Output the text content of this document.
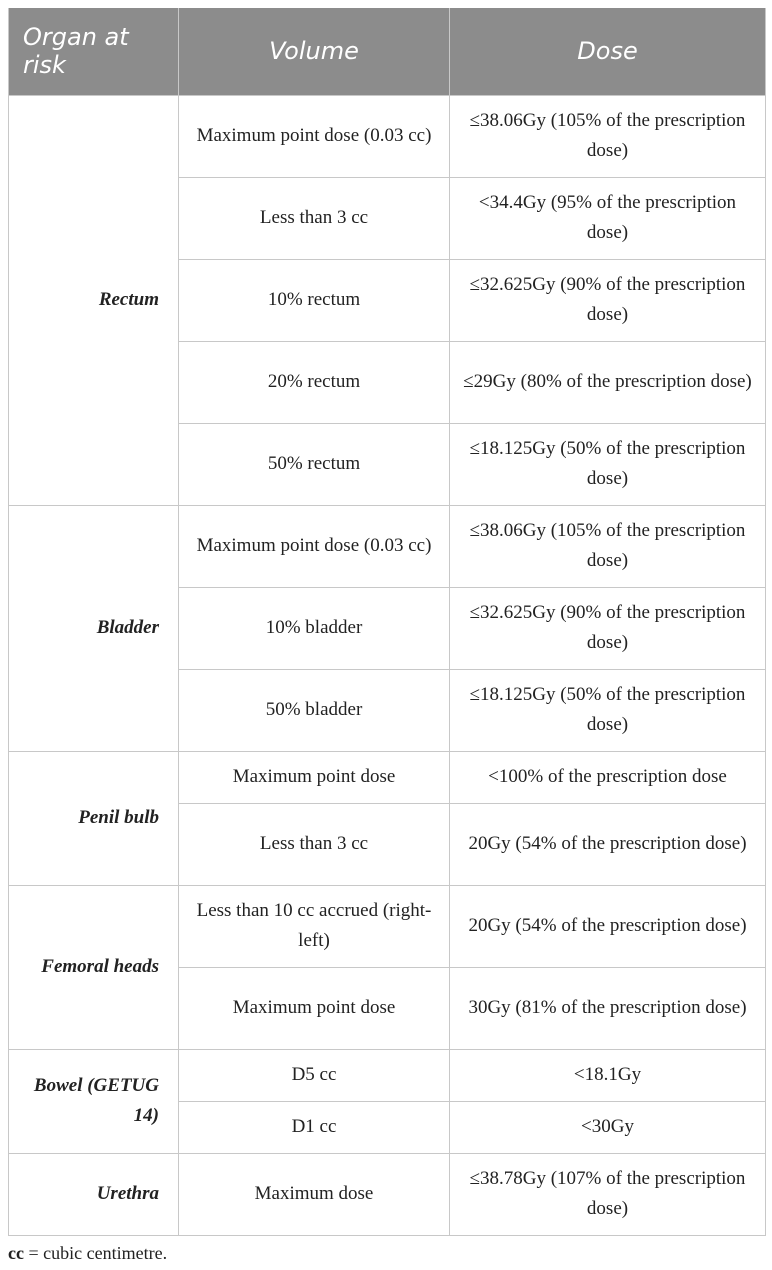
Organ at risk	Volume	Dose
Rectum	Maximum point dose (0.03 cc)	≤38.06Gy (105% of the prescription dose)
	Less than 3 cc	<34.4Gy (95% of the prescription dose)
	10% rectum	≤32.625Gy (90% of the prescription dose)
	20% rectum	≤29Gy (80% of the prescription dose)
	50% rectum	≤18.125Gy (50% of the prescription dose)
Bladder	Maximum point dose (0.03 cc)	≤38.06Gy (105% of the prescription dose)
	10% bladder	≤32.625Gy (90% of the prescription dose)
	50% bladder	≤18.125Gy (50% of the prescription dose)
Penil bulb	Maximum point dose	<100% of the prescription dose
	Less than 3 cc	20Gy (54% of the prescription dose)
Femoral heads	Less than 10 cc accrued (right-left)	20Gy (54% of the prescription dose)
	Maximum point dose	30Gy (81% of the prescription dose)
Bowel (GETUG 14)	D5 cc	<18.1Gy
	D1 cc	<30Gy
Urethra	Maximum dose	≤38.78Gy (107% of the prescription dose)
cc = cubic centimetre.
